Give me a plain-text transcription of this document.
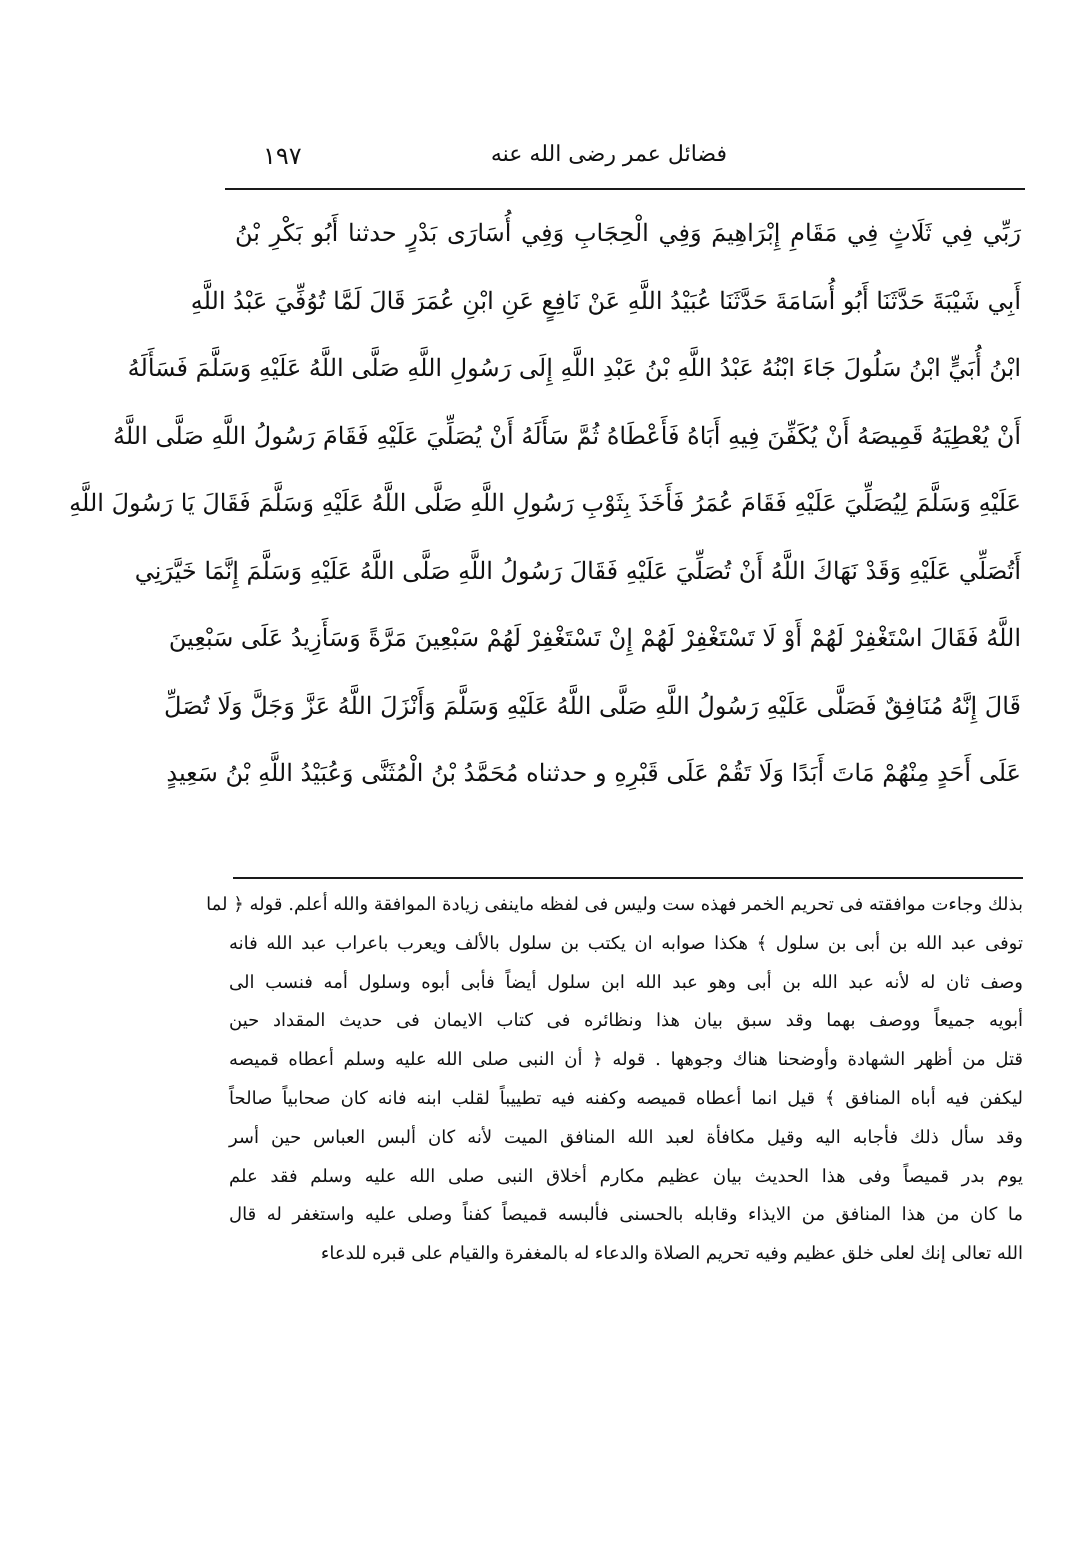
فضائل عمر رضى الله عنه
١٩٧
رَبِّي فِي ثَلَاثٍ فِي مَقَامِ إِبْرَاهِيمَ وَفِي الْحِجَابِ وَفِي أُسَارَى بَدْرٍ حدثنا أَبُو بَكْرِ بْنُ
أَبِي شَيْبَةَ حَدَّثَنَا أَبُو أُسَامَةَ حَدَّثَنَا عُبَيْدُ اللَّهِ عَنْ نَافِعٍ عَنِ ابْنِ عُمَرَ قَالَ لَمَّا تُوُفِّيَ عَبْدُ اللَّهِ
ابْنُ أُبَيٍّ ابْنُ سَلُولَ جَاءَ ابْنُهُ عَبْدُ اللَّهِ بْنُ عَبْدِ اللَّهِ إِلَى رَسُولِ اللَّهِ صَلَّى اللَّهُ عَلَيْهِ وَسَلَّمَ فَسَأَلَهُ
أَنْ يُعْطِيَهُ قَمِيصَهُ أَنْ يُكَفِّنَ فِيهِ أَبَاهُ فَأَعْطَاهُ ثُمَّ سَأَلَهُ أَنْ يُصَلِّيَ عَلَيْهِ فَقَامَ رَسُولُ اللَّهِ صَلَّى اللَّهُ
عَلَيْهِ وَسَلَّمَ لِيُصَلِّيَ عَلَيْهِ فَقَامَ عُمَرُ فَأَخَذَ بِثَوْبِ رَسُولِ اللَّهِ صَلَّى اللَّهُ عَلَيْهِ وَسَلَّمَ فَقَالَ يَا رَسُولَ اللَّهِ
أَتُصَلِّي عَلَيْهِ وَقَدْ نَهَاكَ اللَّهُ أَنْ تُصَلِّيَ عَلَيْهِ فَقَالَ رَسُولُ اللَّهِ صَلَّى اللَّهُ عَلَيْهِ وَسَلَّمَ إِنَّمَا خَيَّرَنِي
اللَّهُ فَقَالَ اسْتَغْفِرْ لَهُمْ أَوْ لَا تَسْتَغْفِرْ لَهُمْ إِنْ تَسْتَغْفِرْ لَهُمْ سَبْعِينَ مَرَّةً وَسَأَزِيدُ عَلَى سَبْعِينَ
قَالَ إِنَّهُ مُنَافِقٌ فَصَلَّى عَلَيْهِ رَسُولُ اللَّهِ صَلَّى اللَّهُ عَلَيْهِ وَسَلَّمَ وَأَنْزَلَ اللَّهُ عَزَّ وَجَلَّ وَلَا تُصَلِّ
عَلَى أَحَدٍ مِنْهُمْ مَاتَ أَبَدًا وَلَا تَقُمْ عَلَى قَبْرِهِ و حدثناه مُحَمَّدُ بْنُ الْمُثَنَّى وَعُبَيْدُ اللَّهِ بْنُ سَعِيدٍ
بذلك وجاءت موافقته فى تحريم الخمر فهذه ست وليس فى لفظه ماينفى زيادة الموافقة والله أعلم. قوله ﴿ لما
توفى عبد الله بن أبى بن سلول ﴾ هكذا صوابه ان يكتب بن سلول بالألف ويعرب باعراب عبد الله فانه
وصف ثان له لأنه عبد الله بن أبى وهو عبد الله ابن سلول أيضاً فأبى أبوه وسلول أمه فنسب الى
أبويه جميعاً ووصف بهما وقد سبق بيان هذا ونظائره فى كتاب الايمان فى حديث المقداد حين
قتل من أظهر الشهادة وأوضحنا هناك وجوهها . قوله ﴿ أن النبى صلى الله عليه وسلم أعطاه قميصه
ليكفن فيه أباه المنافق ﴾ قيل انما أعطاه قميصه وكفنه فيه تطييباً لقلب ابنه فانه كان صحابياً صالحاً
وقد سأل ذلك فأجابه اليه وقيل مكافأة لعبد الله المنافق الميت لأنه كان ألبس العباس حين أسر
يوم بدر قميصاً وفى هذا الحديث بيان عظيم مكارم أخلاق النبى صلى الله عليه وسلم فقد علم
ما كان من هذا المنافق من الايذاء وقابله بالحسنى فألبسه قميصاً كفناً وصلى عليه واستغفر له قال
الله تعالى إنك لعلى خلق عظيم وفيه تحريم الصلاة والدعاء له بالمغفرة والقيام على قبره للدعاء
